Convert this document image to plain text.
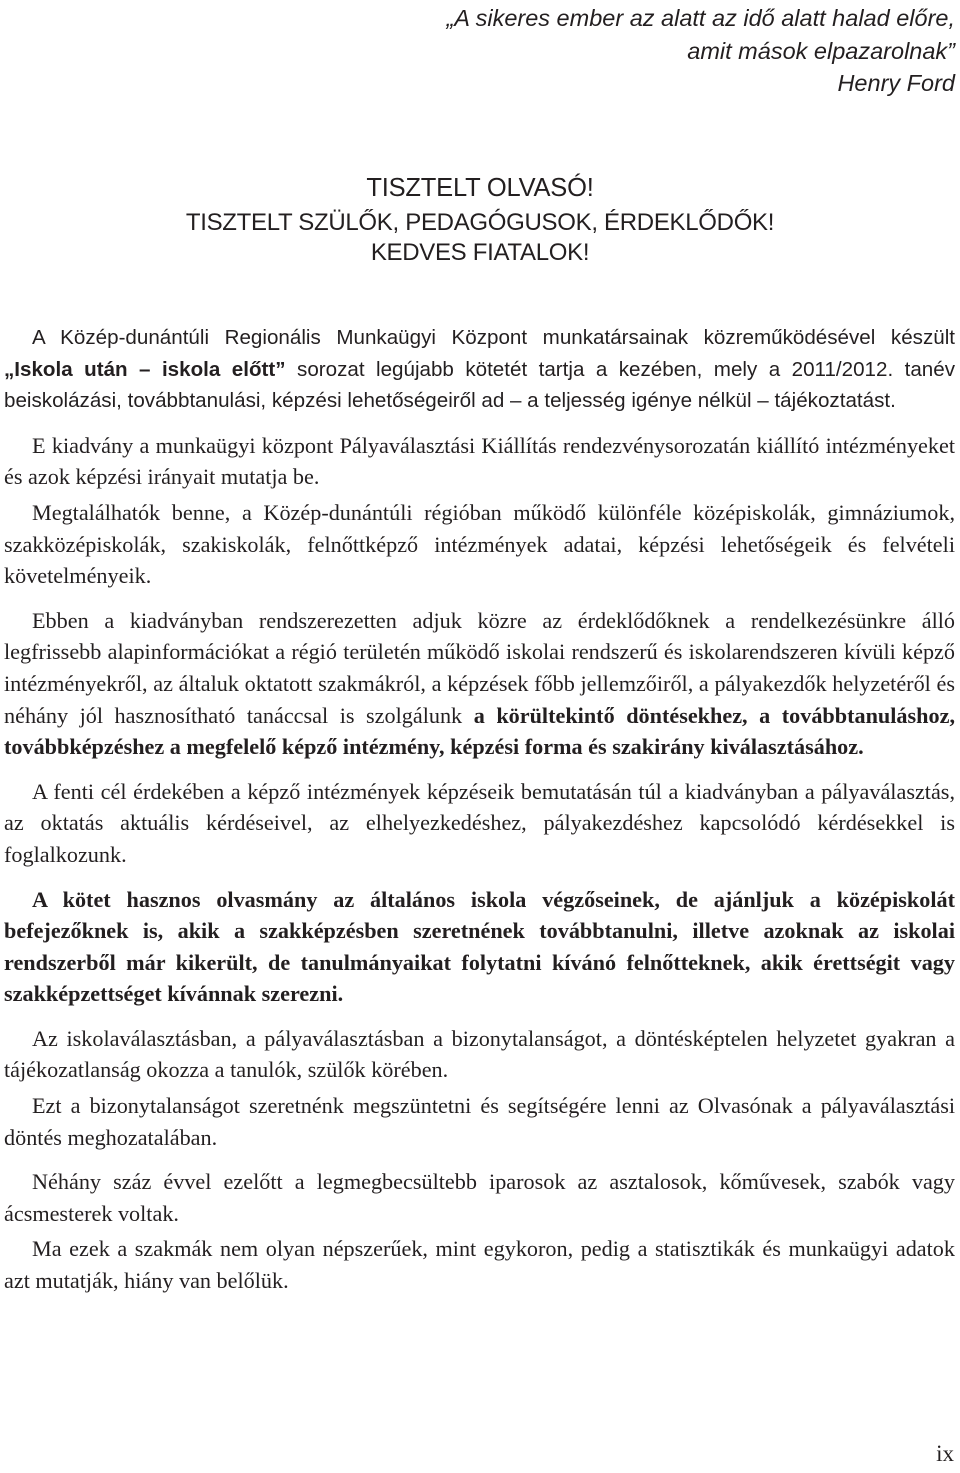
„A sikeres ember az alatt az idő alatt halad előre,
amit mások elpazarolnak”
Henry Ford
TISZTELT OLVASÓ!
TISZTELT SZÜLŐK, PEDAGÓGUSOK, ÉRDEKLŐDŐK!
KEDVES FIATALOK!

A Közép-dunántúli Regionális Munkaügyi Központ munkatársainak közreműködésével készült „Iskola után – iskola előtt” sorozat legújabb kötetét tartja a kezében, mely a 2011/2012. tanév beiskolázási, továbbtanulási, képzési lehetőségeiről ad – a teljesség igénye nélkül – tájékoztatást.

E kiadvány a munkaügyi központ Pályaválasztási Kiállítás rendezvénysorozatán kiállító intézményeket és azok képzési irányait mutatja be.

Megtalálhatók benne, a Közép-dunántúli régióban működő különféle középiskolák, gimnáziumok, szakközépiskolák, szakiskolák, felnőttképző intézmények adatai, képzési lehetőségeik és felvételi követelményeik.

Ebben a kiadványban rendszerezetten adjuk közre az érdeklődőknek a rendelkezésünkre álló legfrissebb alapinformációkat a régió területén működő iskolai rendszerű és iskolarendszeren kívüli képző intézményekről, az általuk oktatott szakmákról, a képzések főbb jellemzőiről, a pályakezdők helyzetéről és néhány jól hasznosítható tanáccsal is szolgálunk a körültekintő döntésekhez, a továbbtanuláshoz, továbbképzéshez a megfelelő képző intézmény, képzési forma és szakirány kiválasztásához.

A fenti cél érdekében a képző intézmények képzéseik bemutatásán túl a kiadványban a pályaválasztás, az oktatás aktuális kérdéseivel, az elhelyezkedéshez, pályakezdéshez kapcsolódó kérdésekkel is foglalkozunk.

A kötet hasznos olvasmány az általános iskola végzőseinek, de ajánljuk a középiskolát befejezőknek is, akik a szakképzésben szeretnének továbbtanulni, illetve azoknak az iskolai rendszerből már kikerült, de tanulmányaikat folytatni kívánó felnőtteknek, akik érettségit vagy szakképzettséget kívánnak szerezni.

Az iskolaválasztásban, a pályaválasztásban a bizonytalanságot, a döntésképtelen helyzetet gyakran a tájékozatlanság okozza a tanulók, szülők körében.

Ezt a bizonytalanságot szeretnénk megszüntetni és segítségére lenni az Olvasónak a pályaválasztási döntés meghozatalában.

Néhány száz évvel ezelőtt a legmegbecsültebb iparosok az asztalosok, kőművesek, szabók vagy ácsmesterek voltak.

Ma ezek a szakmák nem olyan népszerűek, mint egykoron, pedig a statisztikák és munkaügyi adatok azt mutatják, hiány van belőlük.

ix
